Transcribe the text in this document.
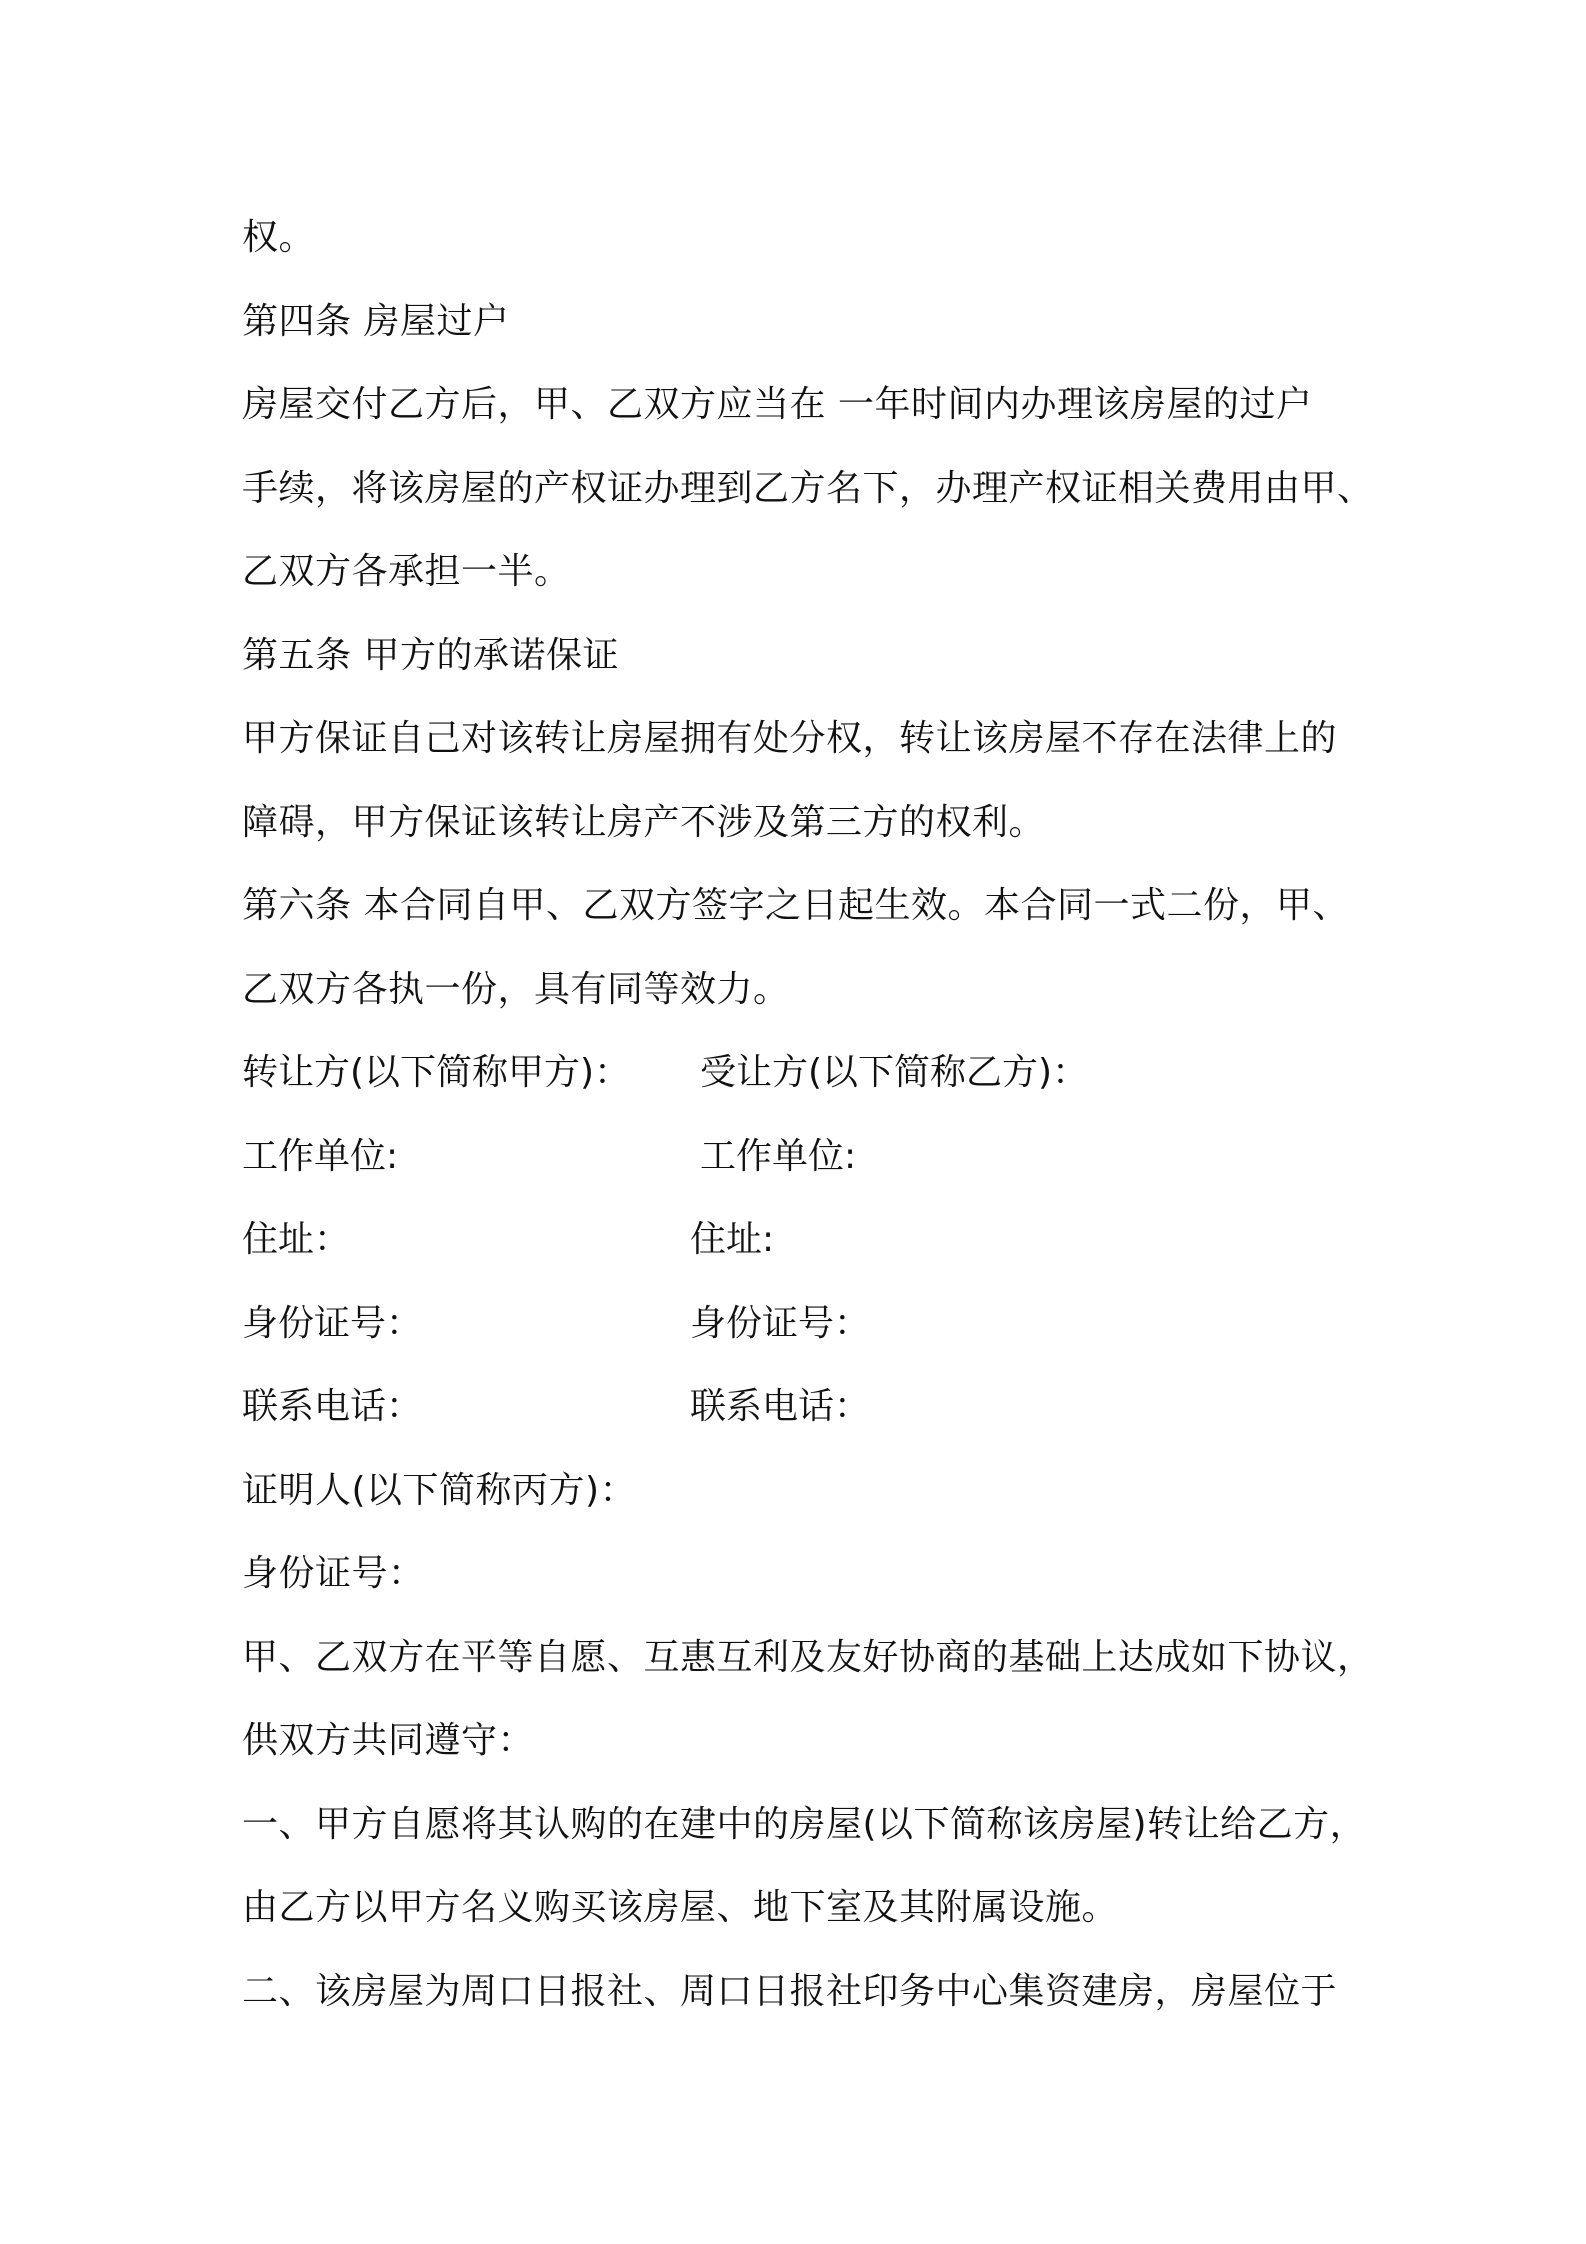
权。
第四条 房屋过户
房屋交付乙方后，甲、乙双方应当在 一年时间内办理该房屋的过户
手续，将该房屋的产权证办理到乙方名下，办理产权证相关费用由甲、
乙双方各承担一半。
第五条 甲方的承诺保证
甲方保证自己对该转让房屋拥有处分权，转让该房屋不存在法律上的
障碍，甲方保证该转让房产不涉及第三方的权利。
第六条 本合同自甲、乙双方签字之日起生效。本合同一式二份，甲、
乙双方各执一份，具有同等效力。
转让方(以下简称甲方)：	受让方(以下简称乙方)：
工作单位:	工作单位:
住址：	住址:
身份证号：	身份证号：
联系电话：	联系电话：
证明人(以下简称丙方)：
身份证号：
甲、乙双方在平等自愿、互惠互利及友好协商的基础上达成如下协议，
供双方共同遵守：
一、甲方自愿将其认购的在建中的房屋(以下简称该房屋)转让给乙方，
由乙方以甲方名义购买该房屋、地下室及其附属设施。
二、该房屋为周口日报社、周口日报社印务中心集资建房，房屋位于
